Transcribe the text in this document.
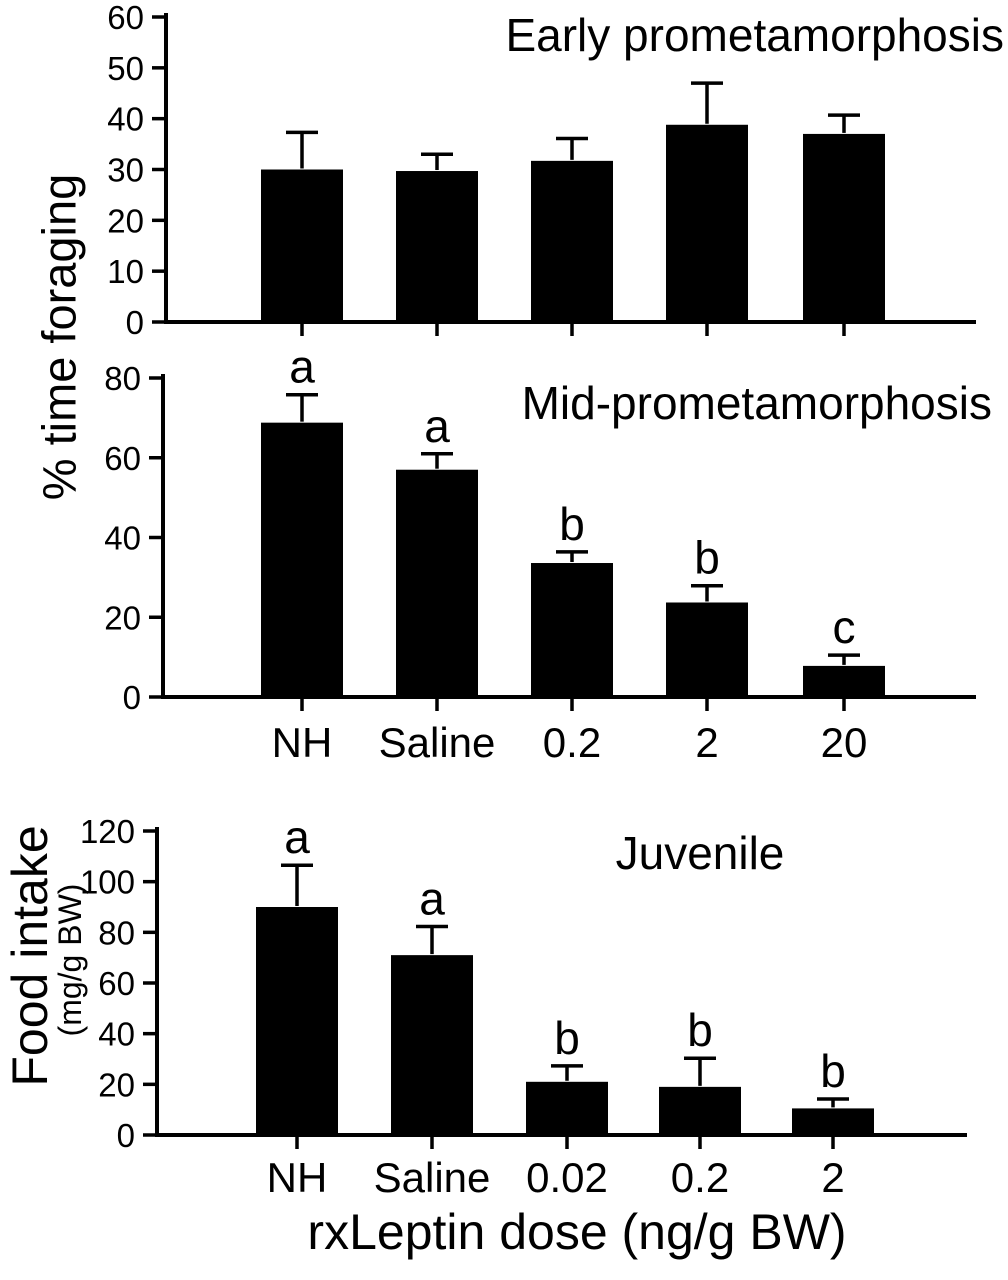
0
10
20
30
40
50
60
0
20
40
60
80
NH
a
Saline
a
0.2
b
2
b
20
c
0
20
40
60
80
100
120
NH
a
Saline
a
0.02
b
0.2
b
2
b
Early prometamorphosis
Mid-prometamorphosis
Juvenile
% time foraging
Food intake
(mg/g BW)
rxLeptin dose (ng/g BW)
